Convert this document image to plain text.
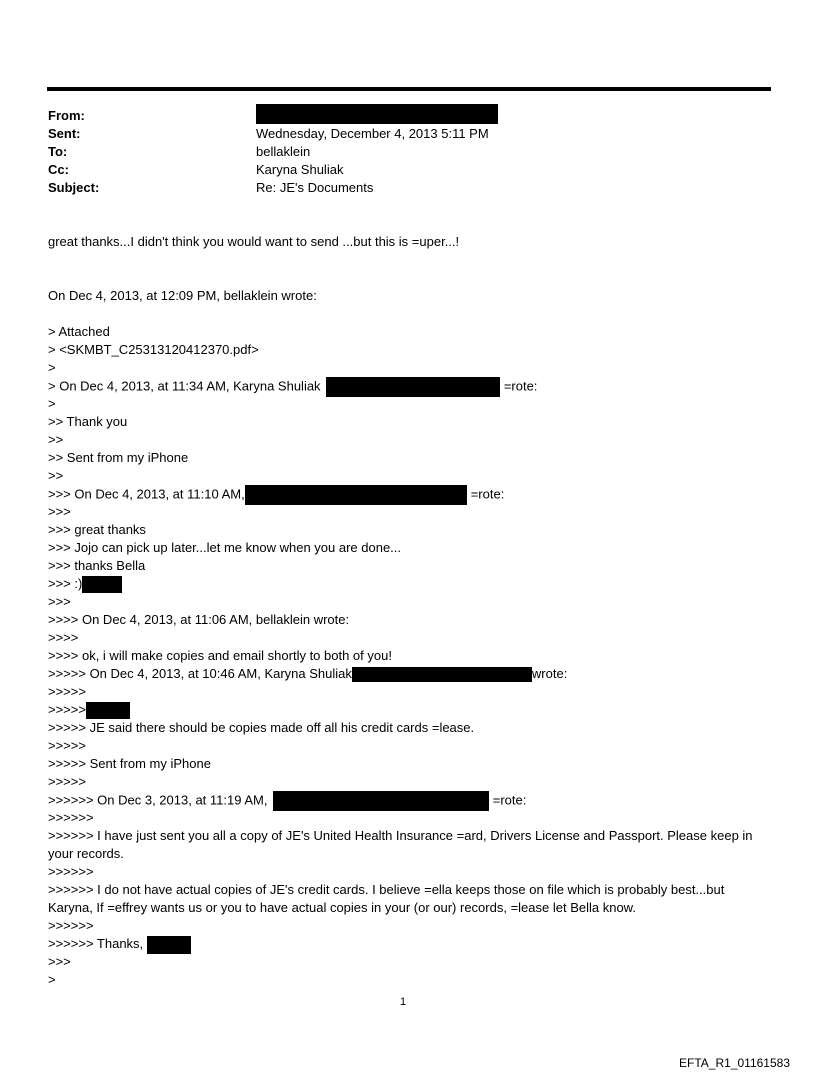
From:
Sent:	Wednesday, December 4, 2013 5:11 PM
To:	bellaklein
Cc:	Karyna Shuliak
Subject:	Re: JE's Documents
great thanks...I didn't think you would want to send ...but this is =uper...!
On Dec 4, 2013, at 12:09 PM, bellaklein wrote:
> Attached
> <SKMBT_C25313120412370.pdf>
>
> On Dec 4, 2013, at 11:34 AM, Karyna Shuliak	=rote:
>
>> Thank you
>>
>> Sent from my iPhone
>>
>>> On Dec 4, 2013, at 11:10 AM,	=rote:
>>>
>>> great thanks
>>> Jojo can pick up later...let me know when you are done...
>>> thanks Bella
>>> :)
>>>
>>>> On Dec 4, 2013, at 11:06 AM, bellaklein wrote:
>>>>
>>>> ok, i will make copies and email shortly to both of you!
>>>>> On Dec 4, 2013, at 10:46 AM, Karyna Shuliak	wrote:
>>>>>
>>>>>
>>>>> JE said there should be copies made off all his credit cards =lease.
>>>>>
>>>>> Sent from my iPhone
>>>>>
>>>>>> On Dec 3, 2013, at 11:19 AM,	=rote:
>>>>>>
>>>>>> I have just sent you all a copy of JE's United Health Insurance =ard, Drivers License and Passport. Please keep in your records.
>>>>>>
>>>>>> I do not have actual copies of JE's credit cards. I believe =ella keeps those on file which is probably best...but Karyna, If =effrey wants us or you to have actual copies in your (or our) records, =lease let Bella know.
>>>>>>
>>>>>> Thanks,
>>>
>
1
EFTA_R1_01161583
